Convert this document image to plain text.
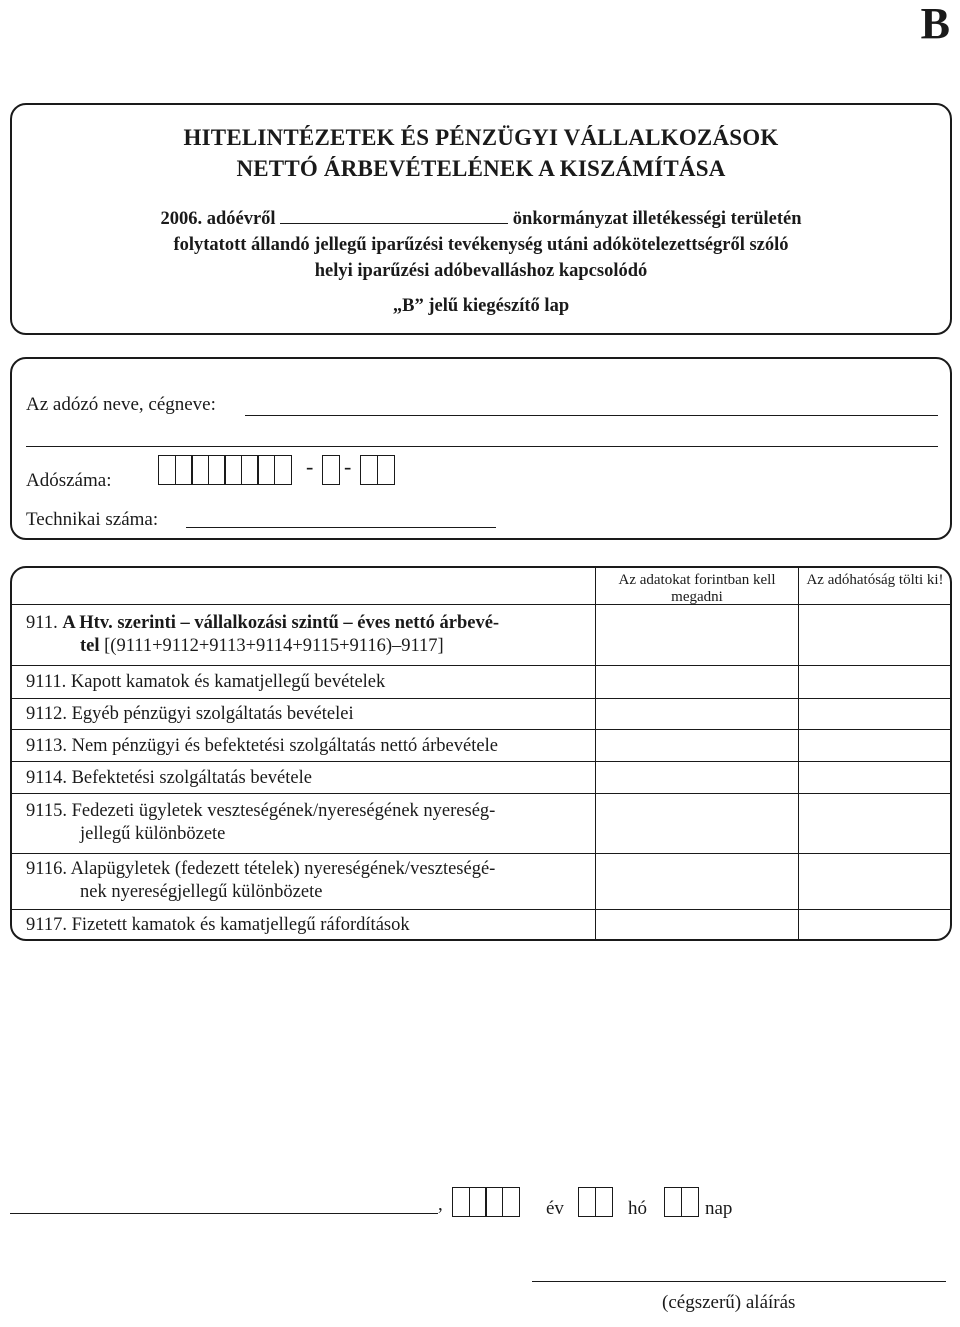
B
HITELINTÉZETEK ÉS PÉNZÜGYI VÁLLALKOZÁSOK
NETTÓ ÁRBEVÉTELÉNEK A KISZÁMÍTÁSA
2006. adóévről	önkormányzat illetékességi területén
folytatott állandó jellegű iparűzési tevékenység utáni adókötelezettségről szóló
helyi iparűzési adóbevalláshoz kapcsolódó
„B” jelű kiegészítő lap
Az adózó neve, cégneve:
Adószáma:
- -
Technikai száma:
Az adatokat forintban kell megadni
Az adóhatóság tölti ki!
911. A Htv. szerinti – vállalkozási szintű – éves nettó árbevé-
tel [(9111+9112+9113+9114+9115+9116)–9117]
9111. Kapott kamatok és kamatjellegű bevételek
9112. Egyéb pénzügyi szolgáltatás bevételei
9113. Nem pénzügyi és befektetési szolgáltatás nettó árbevétele
9114. Befektetési szolgáltatás bevétele
9115. Fedezeti ügyletek veszteségének/nyereségének nyereség-
jellegű különbözete
9116. Alapügyletek (fedezett tételek) nyereségének/veszteségé-
nek nyereségjellegű különbözete
9117. Fizetett kamatok és kamatjellegű ráfordítások
,	év	hó	nap
(cégszerű) aláírás
